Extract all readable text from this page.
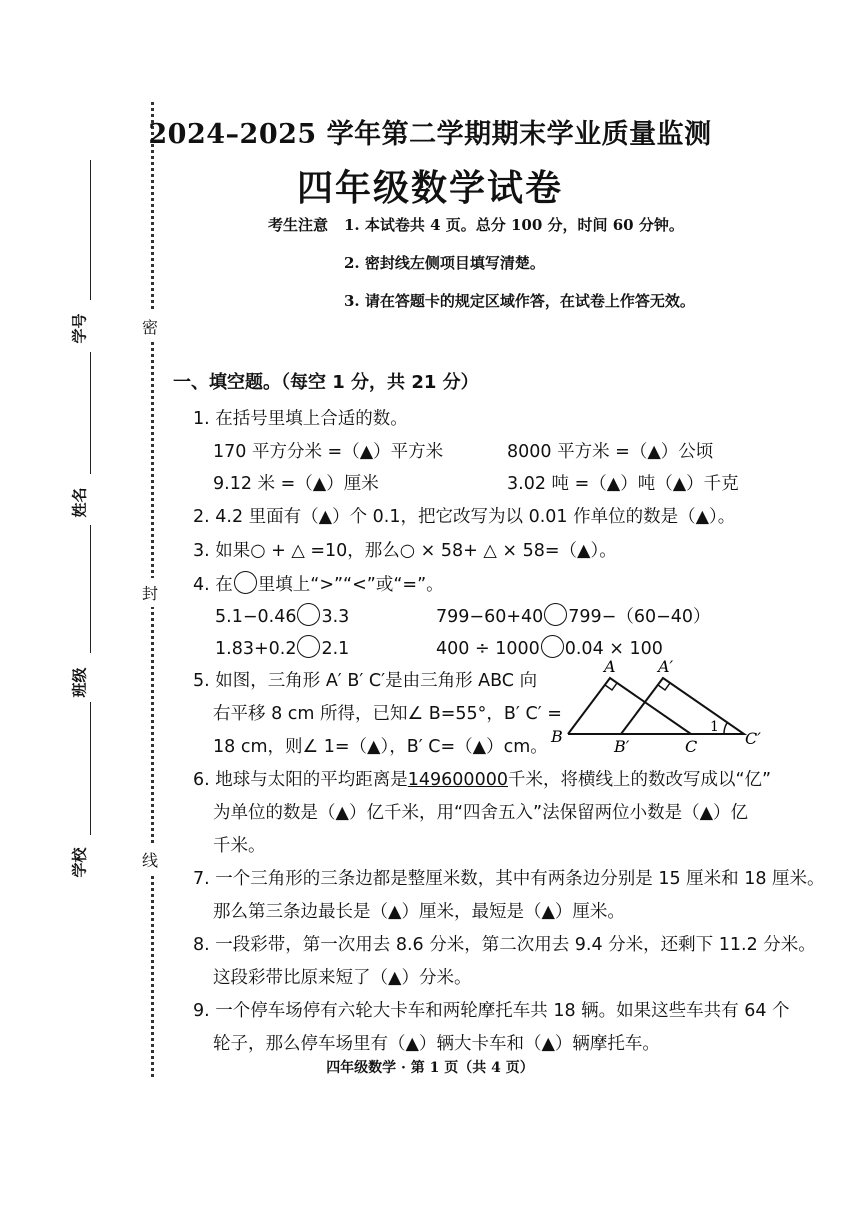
密
封
线
学号
姓名
班级
学校
2024–2025 学年第二学期期末学业质量监测
四年级数学试卷
考生注意 1. 本试卷共 4 页。总分 100 分，时间 60 分钟。
2. 密封线左侧项目填写清楚。
3. 请在答题卡的规定区域作答，在试卷上作答无效。
一、填空题。（每空 1 分，共 21 分）
1. 在括号里填上合适的数。
170 平方分米 =（▲）平方米	8000 平方米 =（▲）公顷
9.12 米 =（▲）厘米	3.02 吨 =（▲）吨（▲）千克
2. 4.2 里面有（▲）个 0.1，把它改写为以 0.01 作单位的数是（▲）。
3. 如果○ + △ =10，那么○ × 58+ △ × 58=（▲）。
4. 在 里填上“>”“<”或“=”。
5.1−0.46 3.3	799−60+40 799−（60−40）
1.83+0.2 2.1	400 ÷ 1000 0.04 × 100
5. 如图，三角形 A′ B′ C′是由三角形 ABC 向
右平移 8 cm 所得，已知∠ B=55°，B′ C′ =
18 cm，则∠ 1=（▲），B′ C=（▲）cm。
A	A′
B
B′	C	C′
1
6. 地球与太阳的平均距离是149600000千米，将横线上的数改写成以“亿”
为单位的数是（▲）亿千米，用“四舍五入”法保留两位小数是（▲）亿
千米。
7. 一个三角形的三条边都是整厘米数，其中有两条边分别是 15 厘米和 18 厘米。
那么第三条边最长是（▲）厘米，最短是（▲）厘米。
8. 一段彩带，第一次用去 8.6 分米，第二次用去 9.4 分米，还剩下 11.2 分米。
这段彩带比原来短了（▲）分米。
9. 一个停车场停有六轮大卡车和两轮摩托车共 18 辆。如果这些车共有 64 个
轮子，那么停车场里有（▲）辆大卡车和（▲）辆摩托车。
四年级数学 · 第 1 页（共 4 页）
